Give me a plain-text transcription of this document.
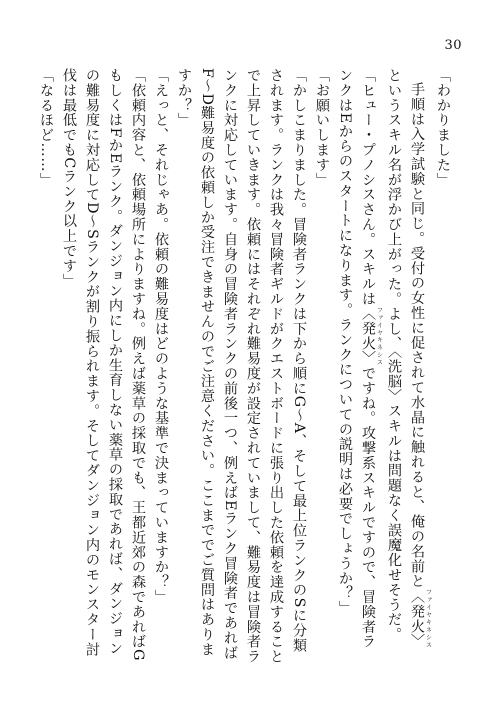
30
「わかりました」
手順は入学試験と同じ。受付の女性に促されて水晶に触れると、俺の名前と〈発火〉 ファイヤキネシス
というスキル名が浮かび上がった。よし、〈洗脳〉スキルは問題なく誤魔化せそうだ。
「ヒュー・プノシスさん。スキルは〈発火〉 ファイヤキネシスですね。攻撃系スキルですので、冒険者ラ
ンクはEからのスタートになります。ランクについての説明は必要でしょうか？」
「お願いします」
「かしこまりました。冒険者ランクは下から順にG〜A、そして最上位ランクのSに分類
されます。ランクは我々冒険者ギルドがクエストボードに張り出した依頼を達成すること
で上昇していきます。依頼にはそれぞれ難易度が設定されていまして、難易度は冒険者ラ
ンクに対応しています。自身の冒険者ランクの前後一つ、例えばEランク冒険者であれば
F〜D難易度の依頼しか受注できませんのでご注意ください。ここまででご質問はありま
すか？」
「えっと、それじゃあ。依頼の難易度はどのような基準で決まっていますか？」
「依頼内容と、依頼場所によりますね。例えば薬草の採取でも、王都近郊の森であればG
もしくはFかEランク。ダンジョン内にしか生育しない薬草の採取であれば、ダンジョン
の難易度に対応してD〜Sランクが割り振られます。そしてダンジョン内のモンスター討
伐は最低でもCランク以上です」
「なるほど……」
